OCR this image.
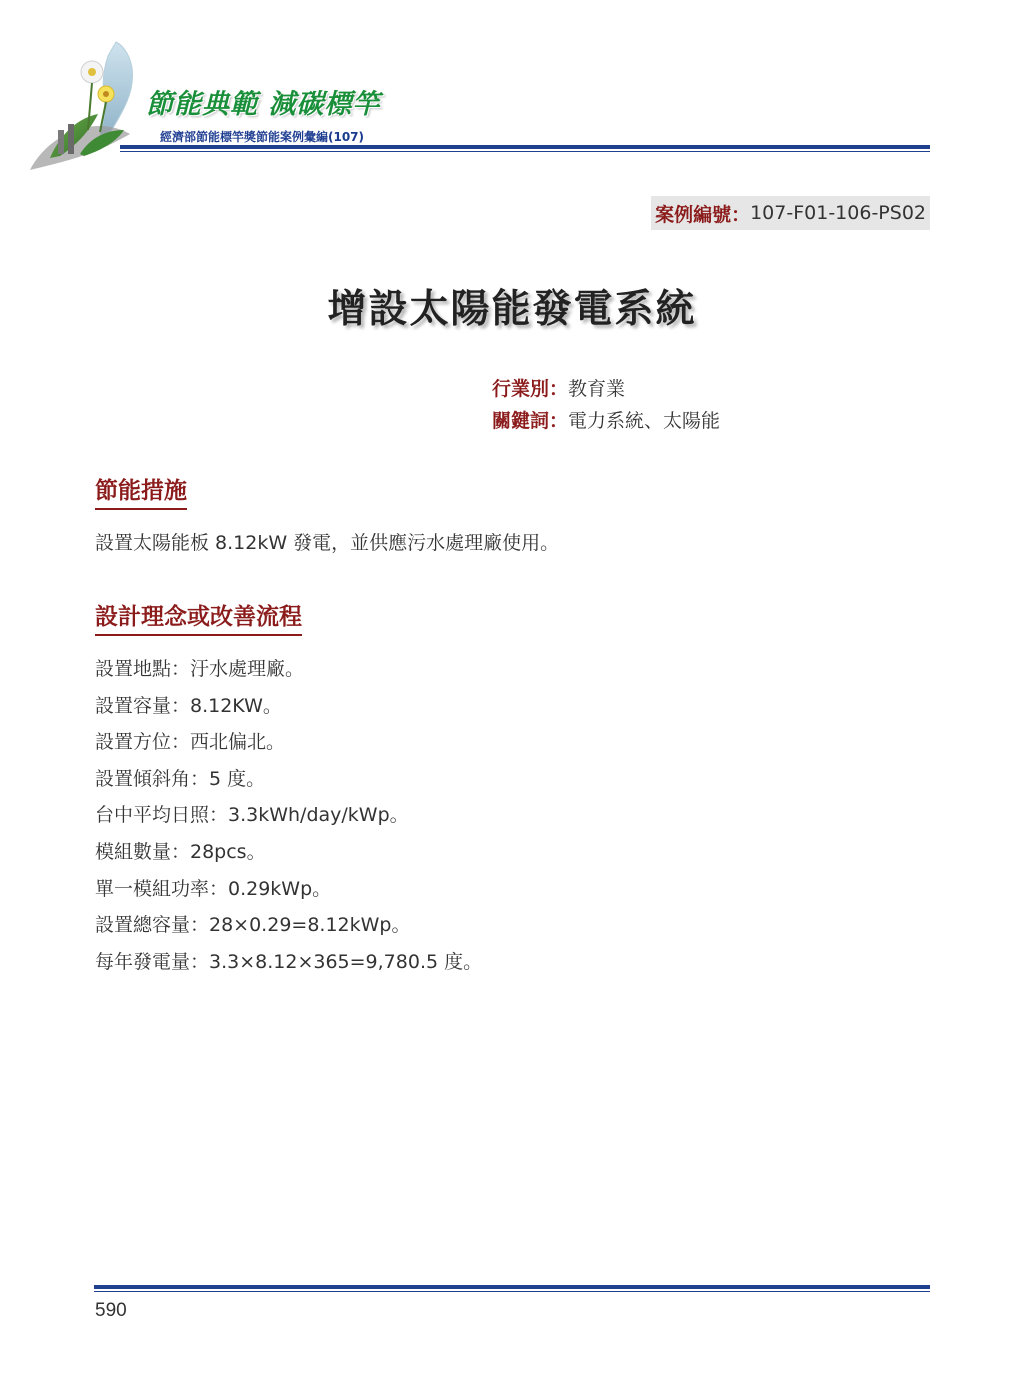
節能典範 減碳標竿
經濟部節能標竿獎節能案例彙編(107)
案例編號： 107-F01-106-PS02
增設太陽能發電系統
行業別：教育業
關鍵詞：電力系統、太陽能
節能措施
設置太陽能板 8.12kW 發電，並供應污水處理廠使用。
設計理念或改善流程
設置地點：汙水處理廠。
設置容量：8.12KW。
設置方位：西北偏北。
設置傾斜角：5 度。
台中平均日照：3.3kWh/day/kWp。
模組數量：28pcs。
單一模組功率：0.29kWp。
設置總容量：28×0.29=8.12kWp。
每年發電量：3.3×8.12×365=9,780.5 度。
590
